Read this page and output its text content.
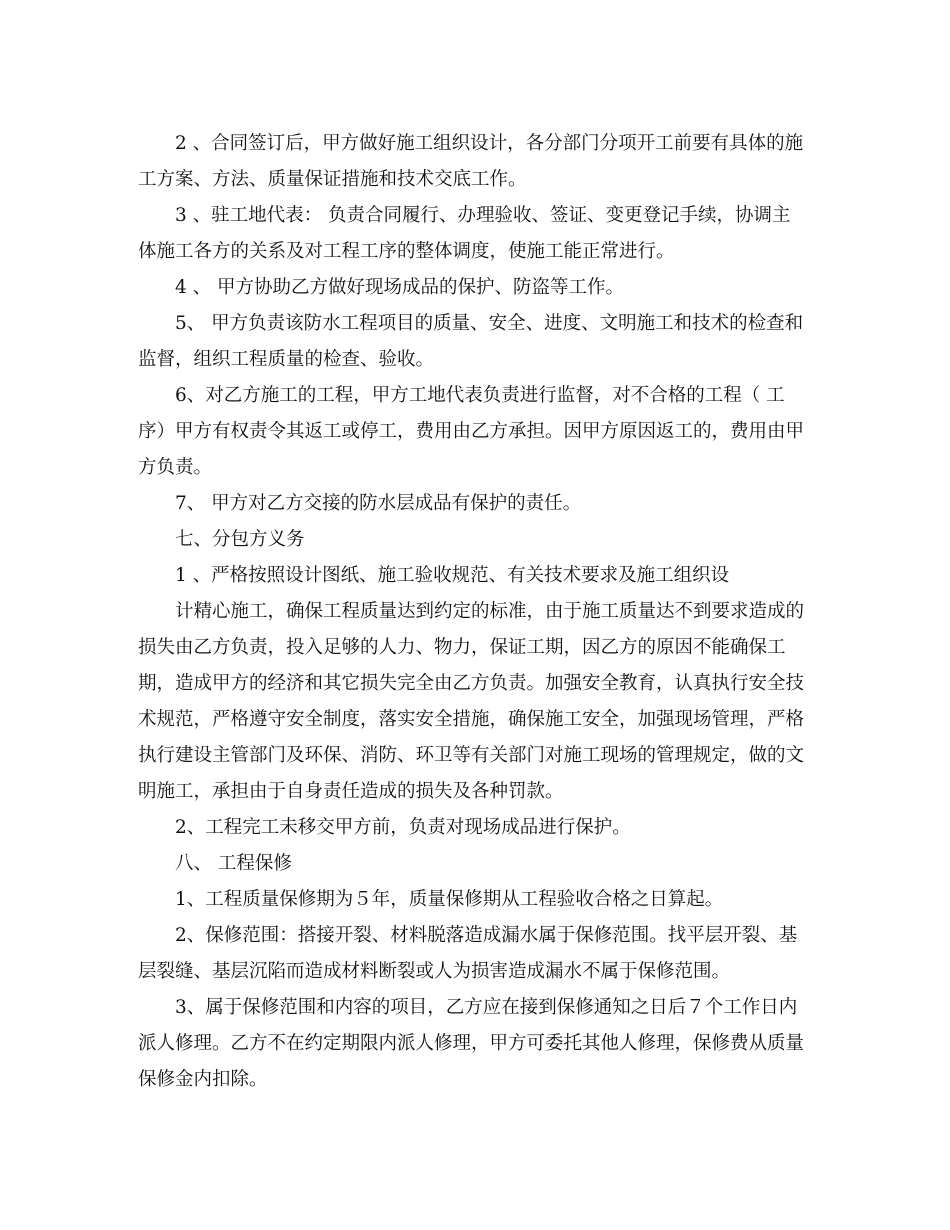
2 、合同签订后，甲方做好施工组织设计，各分部门分项开工前要有具体的施
工方案、方法、质量保证措施和技术交底工作。
3 、驻工地代表： 负责合同履行、办理验收、签证、变更登记手续，协调主
体施工各方的关系及对工程工序的整体调度，使施工能正常进行。
4 、 甲方协助乙方做好现场成品的保护、防盗等工作。
5、 甲方负责该防水工程项目的质量、安全、进度、文明施工和技术的检查和
监督，组织工程质量的检查、验收。
6、对乙方施工的工程，甲方工地代表负责进行监督，对不合格的工程（ 工
序）甲方有权责令其返工或停工，费用由乙方承担。因甲方原因返工的，费用由甲
方负责。
7、 甲方对乙方交接的防水层成品有保护的责任。
七、分包方义务
1 、严格按照设计图纸、施工验收规范、有关技术要求及施工组织设
计精心施工，确保工程质量达到约定的标准，由于施工质量达不到要求造成的
损失由乙方负责，投入足够的人力、物力，保证工期，因乙方的原因不能确保工
期，造成甲方的经济和其它损失完全由乙方负责。加强安全教育，认真执行安全技
术规范，严格遵守安全制度，落实安全措施，确保施工安全，加强现场管理，严格
执行建设主管部门及环保、消防、环卫等有关部门对施工现场的管理规定，做的文
明施工，承担由于自身责任造成的损失及各种罚款。
2、工程完工未移交甲方前，负责对现场成品进行保护。
八、 工程保修
1、工程质量保修期为５年，质量保修期从工程验收合格之日算起。
2、保修范围：搭接开裂、材料脱落造成漏水属于保修范围。找平层开裂、基
层裂缝、基层沉陷而造成材料断裂或人为损害造成漏水不属于保修范围。
3、属于保修范围和内容的项目，乙方应在接到保修通知之日后７个工作日内
派人修理。乙方不在约定期限内派人修理，甲方可委托其他人修理，保修费从质量
保修金内扣除。
